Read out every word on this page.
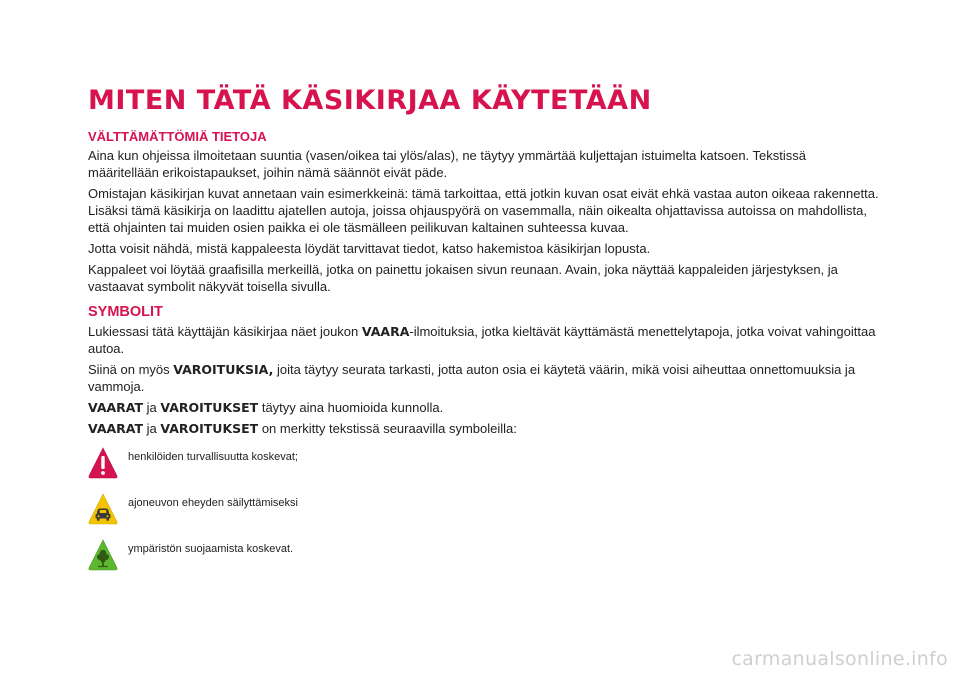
MITEN TÄTÄ KÄSIKIRJAA KÄYTETÄÄN
VÄLTTÄMÄTTÖMIÄ TIETOJA

Aina kun ohjeissa ilmoitetaan suuntia (vasen/oikea tai ylös/alas), ne täytyy ymmärtää kuljettajan istuimelta katsoen. Tekstissä määritellään erikoistapaukset, joihin nämä säännöt eivät päde.

Omistajan käsikirjan kuvat annetaan vain esimerkkeinä: tämä tarkoittaa, että jotkin kuvan osat eivät ehkä vastaa auton oikeaa rakennetta. Lisäksi tämä käsikirja on laadittu ajatellen autoja, joissa ohjauspyörä on vasemmalla, näin oikealta ohjattavissa autoissa on mahdollista, että ohjainten tai muiden osien paikka ei ole täsmälleen peilikuvan kaltainen suhteessa kuvaa.

Jotta voisit nähdä, mistä kappaleesta löydät tarvittavat tiedot, katso hakemistoa käsikirjan lopusta.

Kappaleet voi löytää graafisilla merkeillä, jotka on painettu jokaisen sivun reunaan. Avain, joka näyttää kappaleiden järjestyksen, ja vastaavat symbolit näkyvät toisella sivulla.

SYMBOLIT

Lukiessasi tätä käyttäjän käsikirjaa näet joukon VAARA-ilmoituksia, jotka kieltävät käyttämästä menettelytapoja, jotka voivat vahingoittaa autoa.

Siinä on myös VAROITUKSIA, joita täytyy seurata tarkasti, jotta auton osia ei käytetä väärin, mikä voisi aiheuttaa onnettomuuksia ja vammoja.

VAARAT ja VAROITUKSET täytyy aina huomioida kunnolla.

VAARAT ja VAROITUKSET on merkitty tekstissä seuraavilla symboleilla:

henkilöiden turvallisuutta koskevat;
ajoneuvon eheyden säilyttämiseksi
ympäristön suojaamista koskevat.
carmanualsonline.info
